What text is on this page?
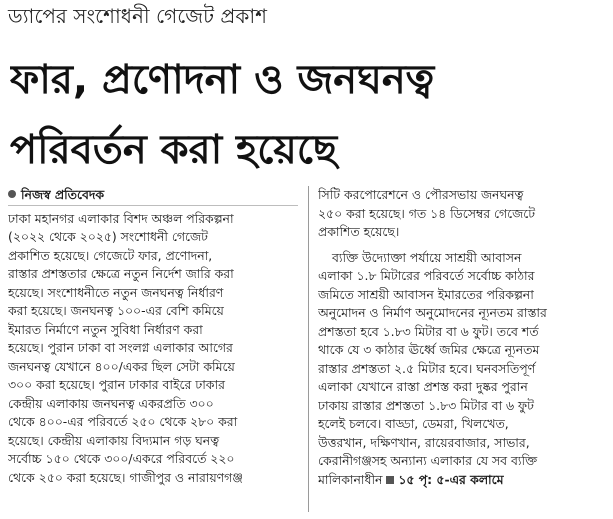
ড্যাপের সংশোধনী গেজেট প্রকাশ
ফার, প্রণোদনা ও জনঘনত্ব
পরিবর্তন করা হয়েছে
নিজস্ব প্রতিবেদক
ঢাকা মহানগর এলাকার বিশদ অঞ্চল পরিকল্পনা
(২০২২ থেকে ২০২৫) সংশোধনী গেজেট
প্রকাশিত হয়েছে। গেজেটে ফার, প্রণোদনা,
রাস্তার প্রশস্ততার ক্ষেত্রে নতুন নির্দেশ জারি করা
হয়েছে। সংশোধনীতে নতুন জনঘনত্ব নির্ধারণ
করা হয়েছে। জনঘনত্ব ১০০-এর বেশি কমিয়ে
ইমারত নির্মাণে নতুন সুবিধা নির্ধারণ করা
হয়েছে। পুরান ঢাকা বা সংলগ্ন এলাকার আগের
জনঘনত্ব যেখানে ৪০০/একর ছিল সেটা কমিয়ে
৩০০ করা হয়েছে। পুরান ঢাকার বাইরে ঢাকার
কেন্দ্রীয় এলাকায় জনঘনত্ব একরপ্রতি ৩০০
থেকে ৪০০-এর পরিবর্তে ২৫০ থেকে ২৮০ করা
হয়েছে। কেন্দ্রীয় এলাকায় বিদ্যমান গড় ঘনত্ব
সর্বোচ্চ ১৫০ থেকে ৩০০/একরে পরিবর্তে ২২০
থেকে ২৫০ করা হয়েছে। গাজীপুর ও নারায়ণগঞ্জ
সিটি করপোরেশনে ও পৌরসভায় জনঘনত্ব
২৫০ করা হয়েছে। গত ১৪ ডিসেম্বর গেজেটে
প্রকাশিত হয়েছে।
ব্যক্তি উদ্যোক্তা পর্যায়ে সাশ্রয়ী আবাসন
এলাকা ১.৮ মিটারের পরিবর্তে সর্বোচ্চ কাঠার
জমিতে সাশ্রয়ী আবাসন ইমারতের পরিকল্পনা
অনুমোদন ও নির্মাণ অনুমোদনের ন্যূনতম রাস্তার
প্রশস্ততা হবে ১.৮৩ মিটার বা ৬ ফুট। তবে শর্ত
থাকে যে ৩ কাঠার ঊর্ধ্বে জমির ক্ষেত্রে ন্যূনতম
রাস্তার প্রশস্ততা ২.৫ মিটার হবে। ঘনবসতিপূর্ণ
এলাকা যেখানে রাস্তা প্রশস্ত করা দুষ্কর পুরান
ঢাকায় রাস্তার প্রশস্ততা ১.৮৩ মিটার বা ৬ ফুট
হলেই চলবে। বাড্ডা, ডেমরা, খিলখেত,
উত্তরখান, দক্ষিণখান, রায়েরবাজার, সাভার,
কেরানীগঞ্জসহ অন্যান্য এলাকার যে সব ব্যক্তি
মালিকানাধীন ১৫ পৃ: ৫-এর কলামে
